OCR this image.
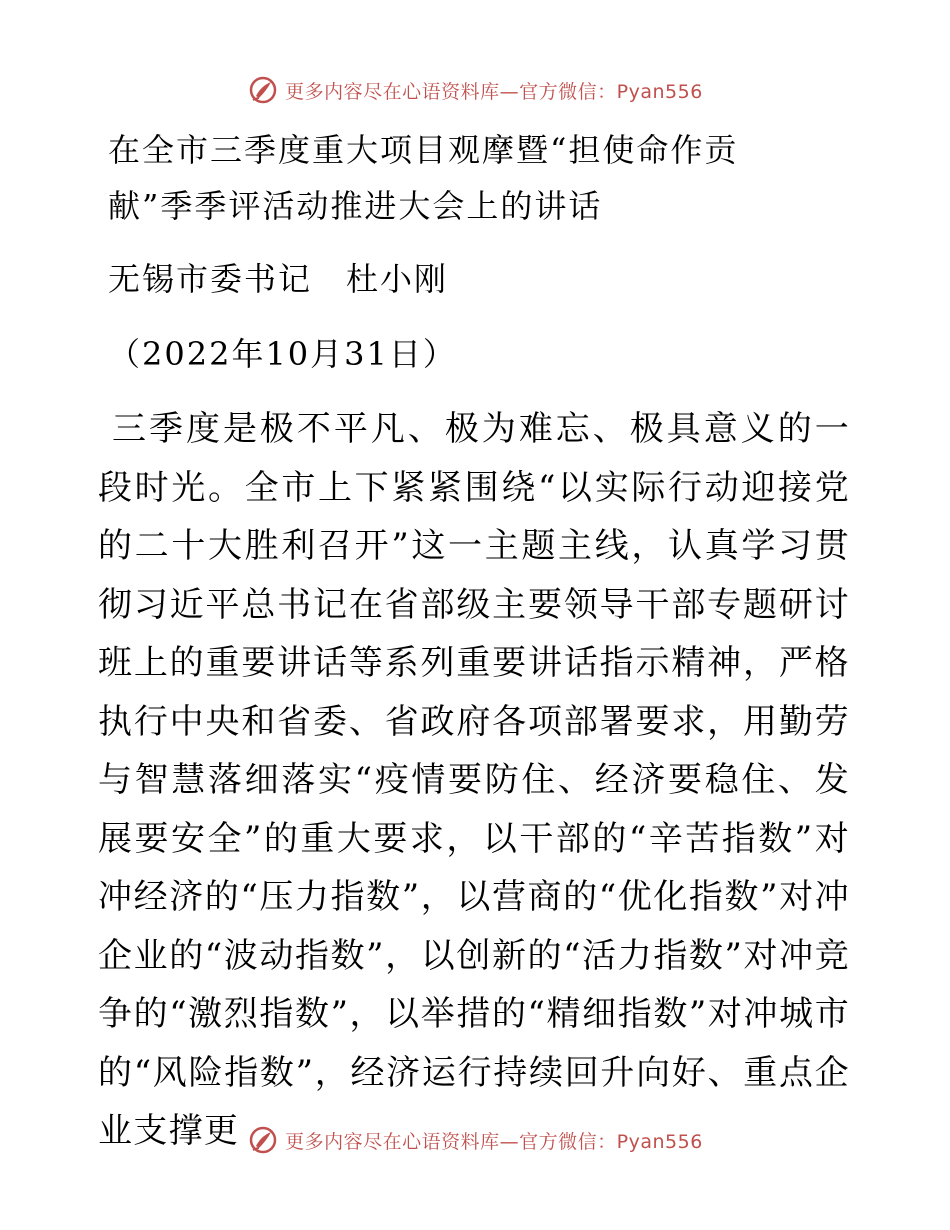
更多内容尽在心语资料库—官方微信：Pyan556
在全市三季度重大项目观摩暨“担使命作贡献”季季评活动推进大会上的讲话

无锡市委书记　杜小刚

（2022年10月31日）

三季度是极不平凡、极为难忘、极具意义的一段时光。全市上下紧紧围绕“以实际行动迎接党的二十大胜利召开”这一主题主线，认真学习贯彻习近平总书记在省部级主要领导干部专题研讨班上的重要讲话等系列重要讲话指示精神，严格执行中央和省委、省政府各项部署要求，用勤劳与智慧落细落实“疫情要防住、经济要稳住、发展要安全”的重大要求，以干部的“辛苦指数”对冲经济的“压力指数”，以营商的“优化指数”对冲企业的“波动指数”，以创新的“活力指数”对冲竞争的“激烈指数”，以举措的“精细指数”对冲城市的“风险指数”，经济运行持续回升向好、重点企业支撑更	更多内容尽在心语资料库—官方微信：Pyan556
